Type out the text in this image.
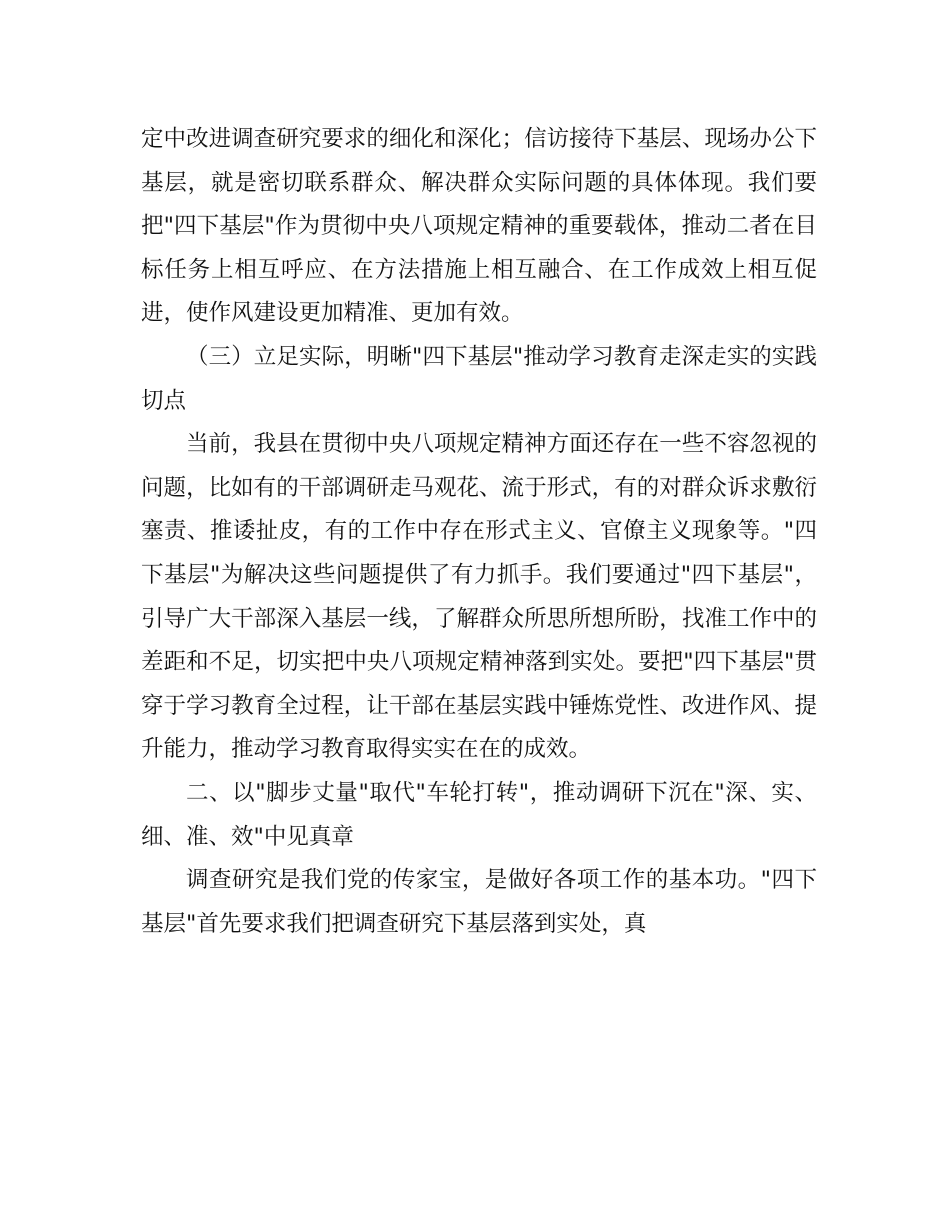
定中改进调查研究要求的细化和深化；信访接待下基层、现场办公下基层，就是密切联系群众、解决群众实际问题的具体体现。我们要把"四下基层"作为贯彻中央八项规定精神的重要载体，推动二者在目标任务上相互呼应、在方法措施上相互融合、在工作成效上相互促进，使作风建设更加精准、更加有效。

（三）立足实际，明晰"四下基层"推动学习教育走深走实的实践切点

当前，我县在贯彻中央八项规定精神方面还存在一些不容忽视的问题，比如有的干部调研走马观花、流于形式，有的对群众诉求敷衍塞责、推诿扯皮，有的工作中存在形式主义、官僚主义现象等。"四下基层"为解决这些问题提供了有力抓手。我们要通过"四下基层"，引导广大干部深入基层一线，了解群众所思所想所盼，找准工作中的差距和不足，切实把中央八项规定精神落到实处。要把"四下基层"贯穿于学习教育全过程，让干部在基层实践中锤炼党性、改进作风、提升能力，推动学习教育取得实实在在的成效。

二、以"脚步丈量"取代"车轮打转"，推动调研下沉在"深、实、细、准、效"中见真章

调查研究是我们党的传家宝，是做好各项工作的基本功。"四下基层"首先要求我们把调查研究下基层落到实处，真
